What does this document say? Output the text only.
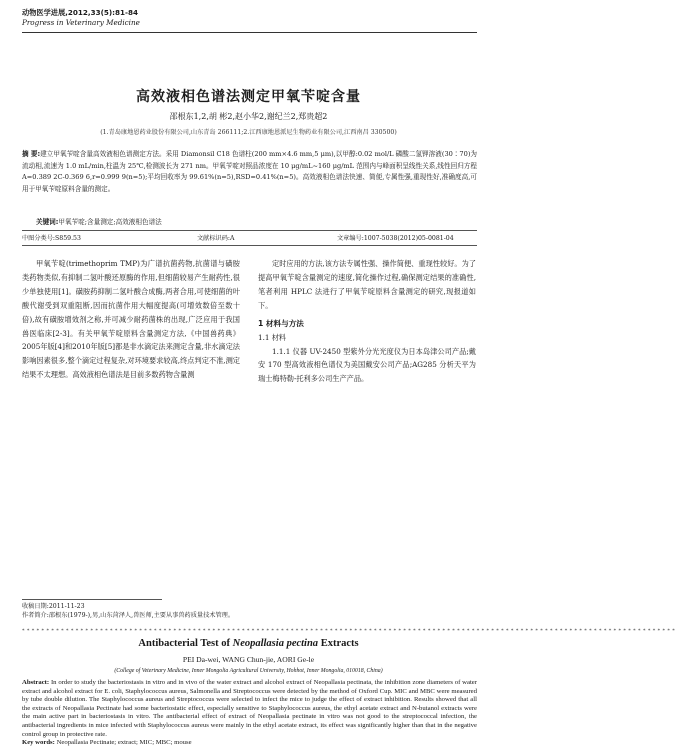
动物医学进展,2012,33(5):81-84
Progress in Veterinary Medicine
高效液相色谱法测定甲氧苄啶含量
邵根东1,2,胡 彬2,赵小华2,谢纪兰2,郑贵超2
(1.青岛康地恩药业股份有限公司,山东青岛 266111;2.江西康地恩派尼生物药业有限公司,江西南昌 330500)
摘 要:建立甲氧苄啶含量高效液相色谱测定方法。采用 Diamonsil C18 色谱柱(200 mm×4.6 mm,5 μm),以甲醇:0.02 mol/L 磷酸二氢钾溶液(30∶70)为流动相,流速为 1.0 mL/min,柱温为 25℃,检测波长为 271 nm。甲氧苄啶对照品浓度在 10 μg/mL~160 μg/mL 范围内与峰面积呈线性关系,线性回归方程 A=0.389 2C-0.369 6,r=0.999 9(n=5);平均回收率为 99.61%(n=5),RSD=0.41%(n=5)。高效液相色谱法快速、简便,专属性强,重现性好,准确度高,可用于甲氧苄啶原料含量的测定。
关键词:甲氧苄啶;含量测定;高效液相色谱法
中图分类号:S859.53	文献标识码:A	文章编号:1007-5038(2012)05-0081-04
甲氧苄啶(trimethoprim TMP)为广谱抗菌药物,抗菌谱与磺胺类药物类似,有抑制二氢叶酸还原酶的作用,但细菌较易产生耐药性,很少单独使用[1]。磺胺药抑制二氢叶酸合成酶,两者合用,可使细菌的叶酸代谢受到双重阻断,因而抗菌作用大幅度提高(可增效数倍至数十倍),故有磺胺增效剂之称,并可减少耐药菌株的出现,广泛应用于我国兽医临床[2-3]。有关甲氧苄啶原料含量测定方法,《中国兽药典》2005年版[4]和2010年版[5]都是非水滴定法来测定含量,非水滴定法影响因素很多,整个滴定过程复杂,对环境要求较高,终点判定不准,测定结果不太理想。高效液相色谱法是目前多数药物含量测

定时应用的方法,该方法专属性强、操作简便、重现性较好。为了提高甲氧苄啶含量测定的速度,简化操作过程,确保测定结果的准确性,笔者利用 HPLC 法进行了甲氧苄啶原料含量测定的研究,现报道如下。

1 材料与方法
1.1 材料

1.1.1 仪器 UV-2450 型紫外分光光度仪为日本岛津公司产品;戴安 170 型高效液相色谱仪为美国戴安公司产品;AG285 分析天平为瑞士梅特勒-托利多公司生产产品。

收稿日期:2011-11-23
作者简介:邵根东(1979-),男,山东菏泽人,兽医师,主要从事兽药质量技术管理。
* * * * * * * * * * * * * * * * * * * * * * * * * * * * * * * * * * * * * * * * * * * * * * * * * * * * * * * * * * * * * * * * * * * * * * * * * * * * * * * * * * * * * * * * * * * * * * * * * * * * * * * * * * * * * * * * * * * * * * * * * * * * * * * * * * * * * *
Antibacterial Test of Neopallasia pectina Extracts
PEI Da-wei, WANG Chun-jie, AORI Ge-le
(College of Veterinary Medicine, Inner Mongolia Agricultural University, Hohhot, Inner Mongolia, 010018, China)
Abstract: In order to study the bacteriostasis in vitro and in vivo of the water extract and alcohol extract of Neopallasia pectinata, the inhibition zone diameters of water extract and alcohol extract for E. coli, Staphylococcus aureus, Salmonella and Streptococcus were detected by the method of Oxford Cup. MIC and MBC were measured by tube double dilution. The Staphylococcus aureus and Streptococcus were selected to infect the mice to judge the effect of extract inhibition. Results showed that all the extracts of Neopallasia Pectinate had some bacteriostatic effect, especially sensitive to Staphylococcus aureus, the ethyl acetate extract and N-butanol extracts were the main active part in bacteriostasis in vitro. The antibacterial effect of extract of Neopallasia pectinate in vitro was not good to the streptococcal infection, the antibacterial ingredients in mice infected with Staphylococcus aureus were mainly in the ethyl acetate extract, its effect was significantly higher than that in the negative control group in protective rate.
Key words: Neopallasia Pectinate; extract; MIC; MBC; mouse
